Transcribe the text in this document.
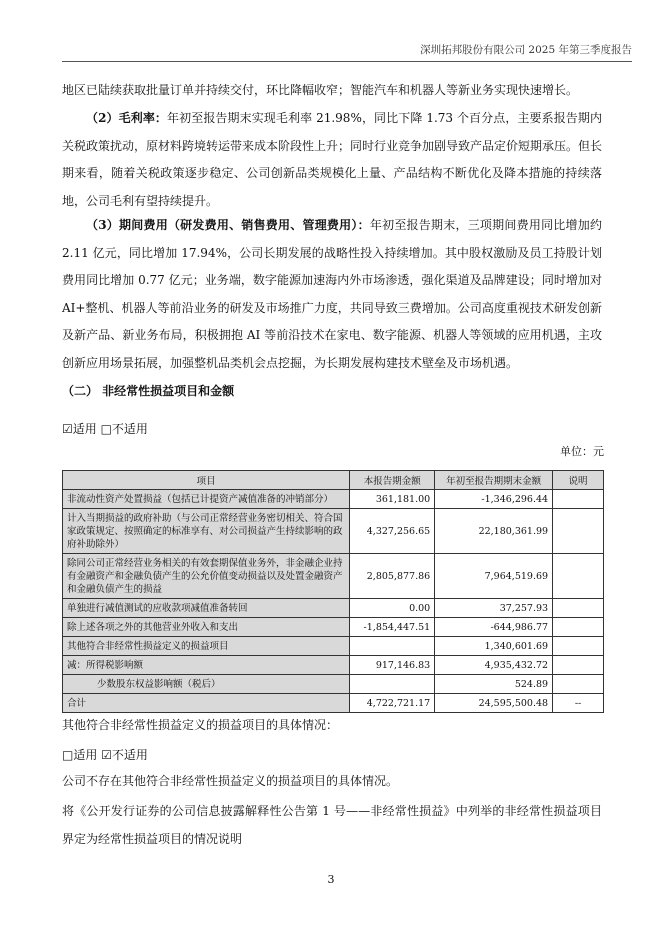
深圳拓邦股份有限公司 2025 年第三季度报告
地区已陆续获取批量订单并持续交付，环比降幅收窄；智能汽车和机器人等新业务实现快速增长。
（2）毛利率：年初至报告期末实现毛利率 21.98%，同比下降 1.73 个百分点，主要系报告期内关税政策扰动，原材料跨境转运带来成本阶段性上升；同时行业竞争加剧导致产品定价短期承压。但长期来看，随着关税政策逐步稳定、公司创新品类规模化上量、产品结构不断优化及降本措施的持续落地，公司毛利有望持续提升。
（3）期间费用（研发费用、销售费用、管理费用）：年初至报告期末，三项期间费用同比增加约 2.11 亿元，同比增加 17.94%，公司长期发展的战略性投入持续增加。其中股权激励及员工持股计划费用同比增加 0.77 亿元；业务端，数字能源加速海内外市场渗透，强化渠道及品牌建设；同时增加对 AI+整机、机器人等前沿业务的研发及市场推广力度，共同导致三费增加。公司高度重视技术研发创新及新产品、新业务布局，积极拥抱 AI 等前沿技术在家电、数字能源、机器人等领域的应用机遇，主攻创新应用场景拓展，加强整机品类机会点挖掘，为长期发展构建技术壁垒及市场机遇。
（二） 非经常性损益项目和金额
☑适用 □不适用
单位：元
项目	本报告期金额	年初至报告期期末金额	说明
非流动性资产处置损益（包括已计提资产减值准备的冲销部分）	361,181.00	-1,346,296.44	
计入当期损益的政府补助（与公司正常经营业务密切相关、符合国家政策规定、按照确定的标准享有、对公司损益产生持续影响的政府补助除外）	4,327,256.65	22,180,361.99	
除同公司正常经营业务相关的有效套期保值业务外，非金融企业持有金融资产和金融负债产生的公允价值变动损益以及处置金融资产和金融负债产生的损益	2,805,877.86	7,964,519.69	
单独进行减值测试的应收款项减值准备转回	0.00	37,257.93	
除上述各项之外的其他营业外收入和支出	-1,854,447.51	-644,986.77	
其他符合非经常性损益定义的损益项目		1,340,601.69	
减：所得税影响额	917,146.83	4,935,432.72	
少数股东权益影响额（税后）		524.89	
合计	4,722,721.17	24,595,500.48	--
其他符合非经常性损益定义的损益项目的具体情况：
□适用 ☑不适用
公司不存在其他符合非经常性损益定义的损益项目的具体情况。
将《公开发行证券的公司信息披露解释性公告第 1 号——非经常性损益》中列举的非经常性损益项目界定为经常性损益项目的情况说明
3
